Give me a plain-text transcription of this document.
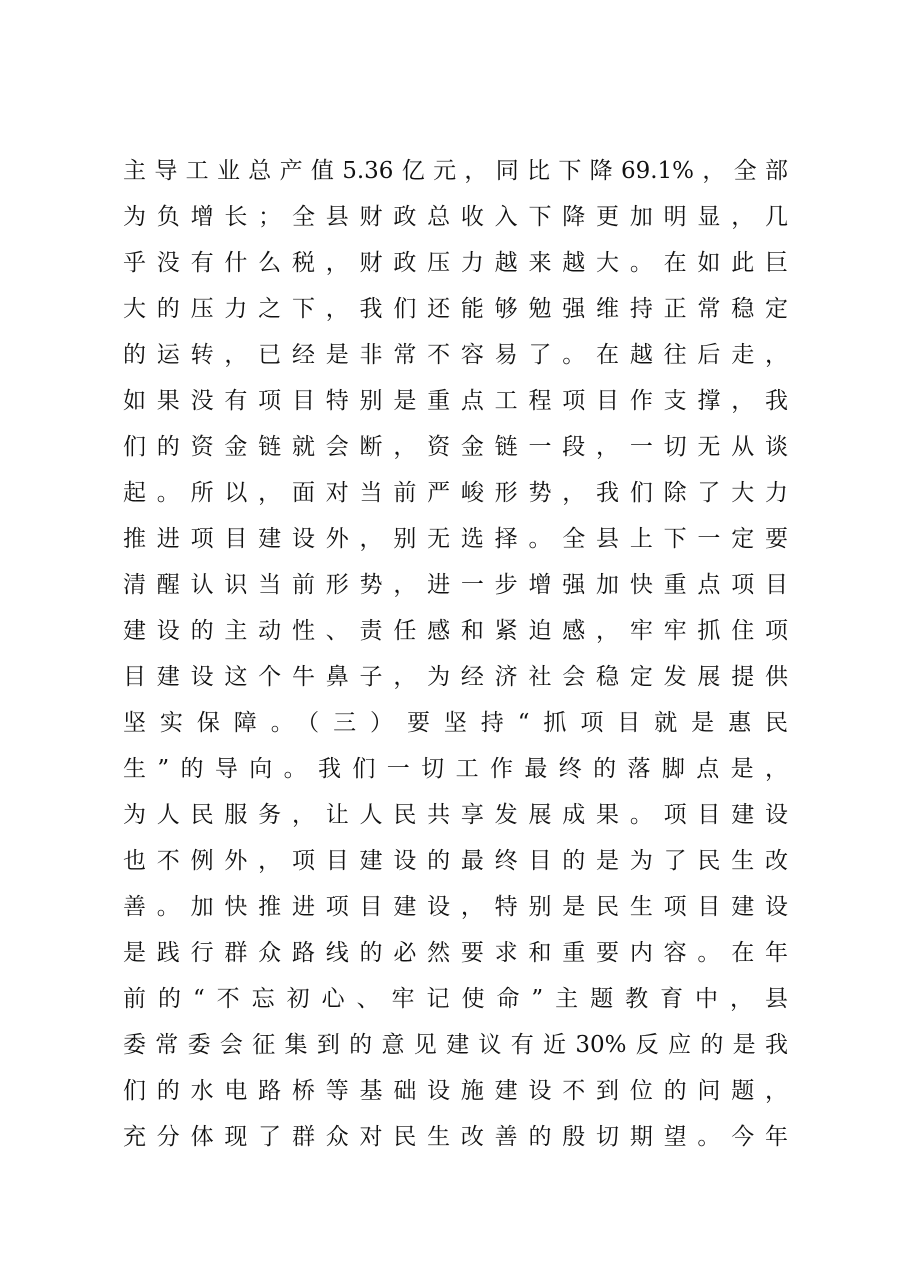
主导工业总产值5.36亿元，同比下降69.1%，全部
为负增长；全县财政总收入下降更加明显，几
乎没有什么税，财政压力越来越大。在如此巨
大的压力之下，我们还能够勉强维持正常稳定
的运转，已经是非常不容易了。在越往后走，
如果没有项目特别是重点工程项目作支撑，我
们的资金链就会断，资金链一段，一切无从谈
起。所以，面对当前严峻形势，我们除了大力
推进项目建设外，别无选择。全县上下一定要
清醒认识当前形势，进一步增强加快重点项目
建设的主动性、责任感和紧迫感，牢牢抓住项
目建设这个牛鼻子，为经济社会稳定发展提供
坚实保障。（三）要坚持“抓项目就是惠民
生”的导向。我们一切工作最终的落脚点是，
为人民服务，让人民共享发展成果。项目建设
也不例外，项目建设的最终目的是为了民生改
善。加快推进项目建设，特别是民生项目建设
是践行群众路线的必然要求和重要内容。在年
前的“不忘初心、牢记使命”主题教育中，县
委常委会征集到的意见建议有近30%反应的是我
们的水电路桥等基础设施建设不到位的问题，
充分体现了群众对民生改善的殷切期望。今年
